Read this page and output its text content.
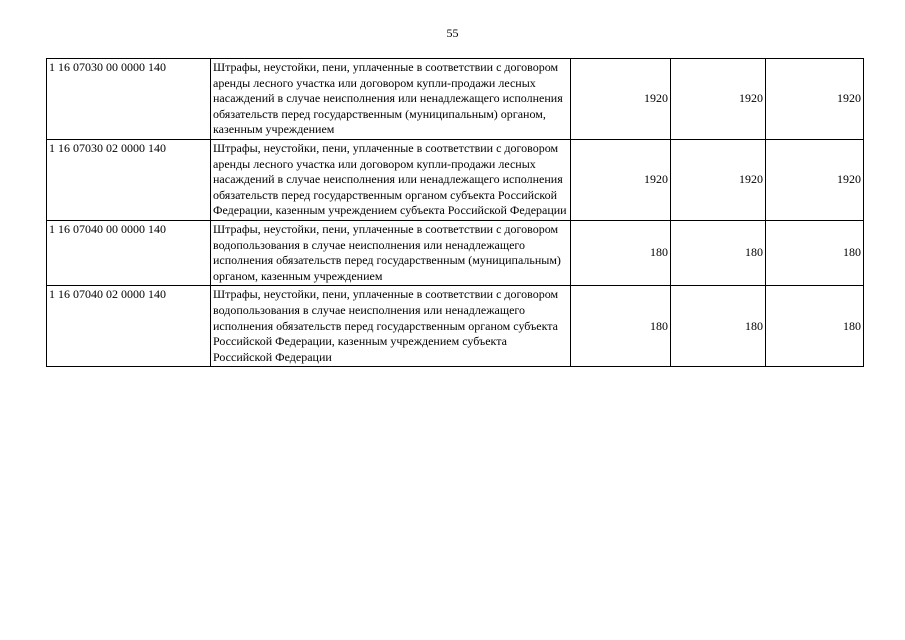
55
1 16 07030 00 0000 140	Штрафы, неустойки, пени, уплаченные в соответствии с договором аренды лесного участка или договором купли-продажи лесных насаждений в случае неисполнения или ненадлежащего исполнения обязательств перед государственным (муниципальным) органом, казенным учреждением	1920	1920	1920
1 16 07030 02 0000 140	Штрафы, неустойки, пени, уплаченные в соответствии с договором аренды лесного участка или договором купли-продажи лесных насаждений в случае неисполнения или ненадлежащего исполнения обязательств перед государственным органом субъекта Российской Федерации, казенным учреждением субъекта Российской Федерации	1920	1920	1920
1 16 07040 00 0000 140	Штрафы, неустойки, пени, уплаченные в соответствии с договором водопользования в случае неисполнения или ненадлежащего исполнения обязательств перед государственным (муниципальным) органом, казенным учреждением	180	180	180
1 16 07040 02 0000 140	Штрафы, неустойки, пени, уплаченные в соответствии с договором водопользования в случае неисполнения или ненадлежащего исполнения обязательств перед государственным органом субъекта Российской Федерации, казенным учреждением субъекта Российской Федерации	180	180	180
